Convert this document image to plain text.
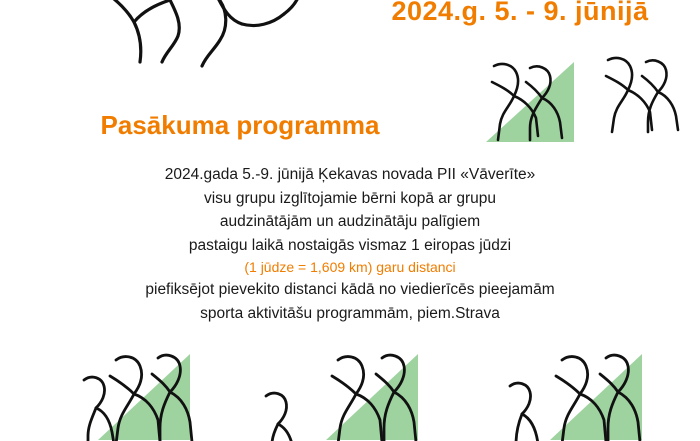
2024.g. 5. - 9. jūnijā
Pasākuma programma
2024.gada 5.-9. jūnijā Ķekavas novada PII «Vāverīte»
visu grupu izglītojamie bērni kopā ar grupu
audzinātājām un audzinātāju palīgiem
pastaigu laikā nostaigās vismaz 1 eiropas jūdzi
(1 jūdze = 1,609 km) garu distanci
piefiksējot pievekito distanci kādā no viedierīcēs pieejamām
sporta aktivitāšu programmām, piem.Strava
